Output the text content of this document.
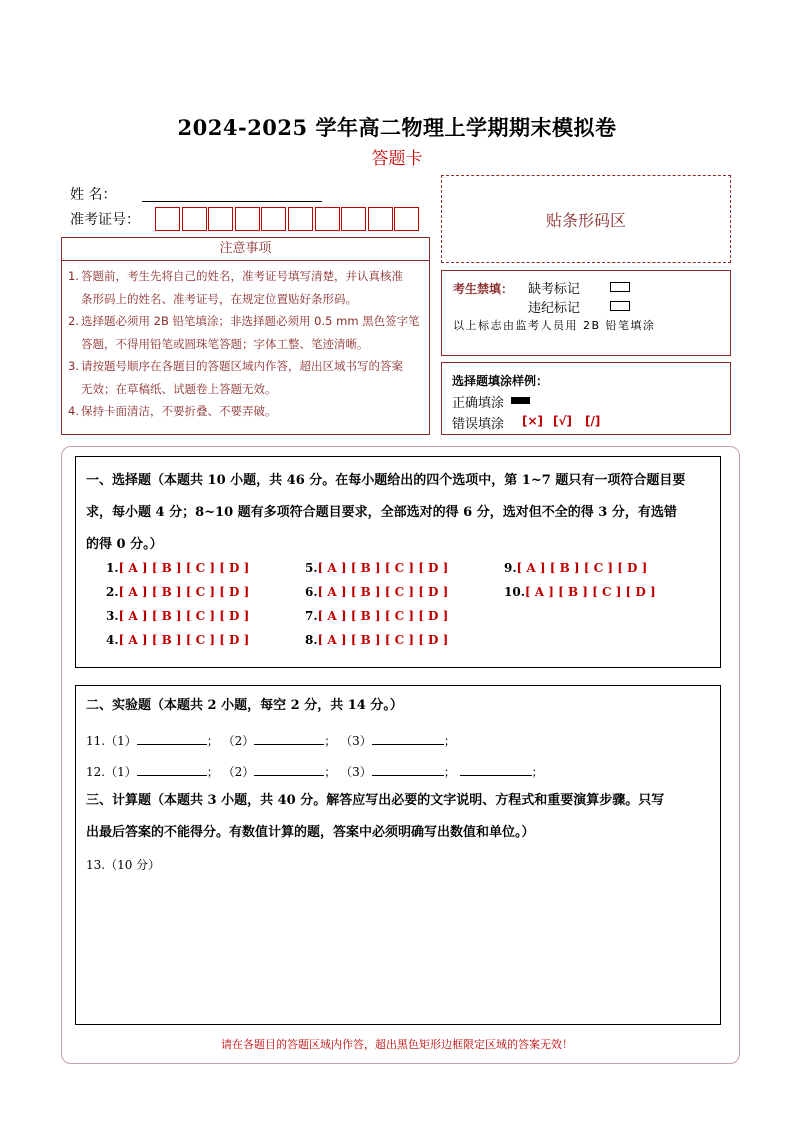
2024-2025 学年高二物理上学期期末模拟卷
答题卡
姓 名：
准考证号：	贴条形码区
注意事项
1. 答题前，考生先将自己的姓名，准考证号填写清楚，并认真核准
条形码上的姓名、准考证号，在规定位置贴好条形码。
2. 选择题必须用 2B 铅笔填涂；非选择题必须用 0.5 mm 黑色签字笔
答题，不得用铅笔或圆珠笔答题；字体工整、笔迹清晰。
3. 请按题号顺序在各题目的答题区域内作答，超出区域书写的答案
无效；在草稿纸、试题卷上答题无效。
4. 保持卡面清洁，不要折叠、不要弄破。
考生禁填： 缺考标记
违纪标记
以上标志由监考人员用 2B 铅笔填涂
选择题填涂样例：
正确填涂
错误填涂 [×] [√] [/]
一、选择题（本题共 10 小题，共 46 分。在每小题给出的四个选项中，第 1~7 题只有一项符合题目要
求，每小题 4 分；8~10 题有多项符合题目要求，全部选对的得 6 分，选对但不全的得 3 分，有选错
的得 0 分。）
1.[ A ] [ B ] [ C ] [ D ]
2.[ A ] [ B ] [ C ] [ D ]
3.[ A ] [ B ] [ C ] [ D ]
4.[ A ] [ B ] [ C ] [ D ]
5.[ A ] [ B ] [ C ] [ D ]
6.[ A ] [ B ] [ C ] [ D ]
7.[ A ] [ B ] [ C ] [ D ]
8.[ A ] [ B ] [ C ] [ D ]
9.[ A ] [ B ] [ C ] [ D ]
10.[ A ] [ B ] [ C ] [ D ]
二、实验题（本题共 2 小题，每空 2 分，共 14 分。）
11.（1）	； （2）	； （3）	；
12.（1）	； （2）	； （3）	；	；
三、计算题（本题共 3 小题，共 40 分。解答应写出必要的文字说明、方程式和重要演算步骤。只写
出最后答案的不能得分。有数值计算的题，答案中必须明确写出数值和单位。）
13.（10 分）
请在各题目的答题区域内作答，超出黑色矩形边框限定区域的答案无效！
